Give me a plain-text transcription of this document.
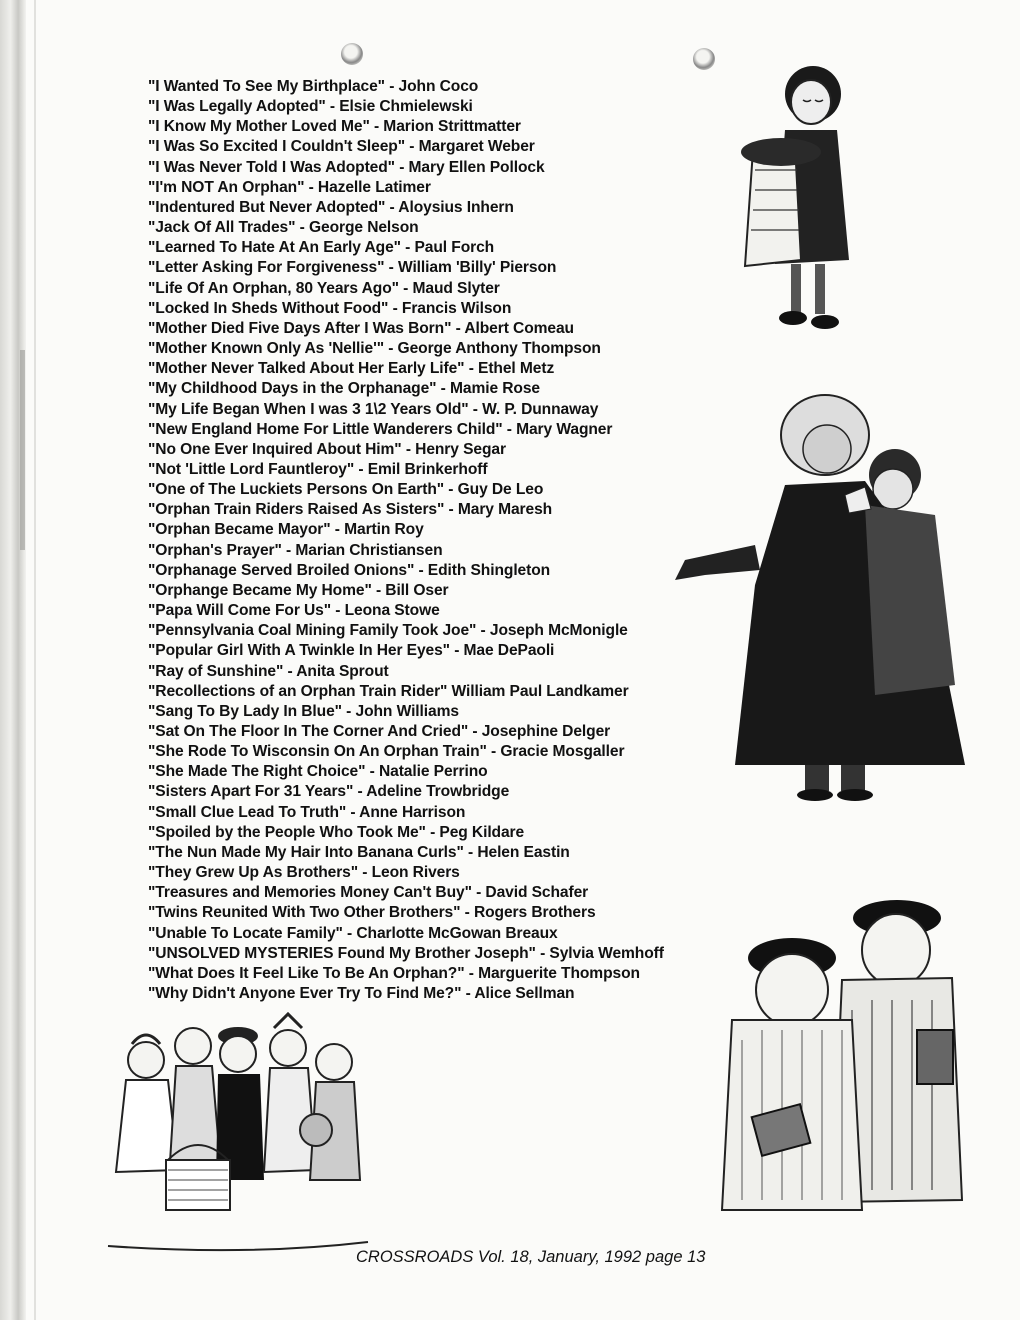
"I Wanted To See My Birthplace" - John Coco
"I Was Legally Adopted" - Elsie Chmielewski
"I Know My Mother Loved Me" - Marion Strittmatter
"I Was So Excited I Couldn't Sleep" - Margaret Weber
"I Was Never Told I Was Adopted" - Mary Ellen Pollock
"I'm NOT An Orphan" - Hazelle Latimer
"Indentured But Never Adopted" - Aloysius Inhern
"Jack Of All Trades" - George Nelson
"Learned To Hate At An Early Age" - Paul Forch
"Letter Asking For Forgiveness" - William 'Billy' Pierson
"Life Of An Orphan, 80 Years Ago" - Maud Slyter
"Locked In Sheds Without Food" - Francis Wilson
"Mother Died Five Days After I Was Born" - Albert Comeau
"Mother Known Only As 'Nellie'" - George Anthony Thompson
"Mother Never Talked About Her Early Life" - Ethel Metz
"My Childhood Days in the Orphanage" - Mamie Rose
"My Life Began When I was 3 1\2 Years Old" - W. P. Dunnaway
"New England Home For Little Wanderers Child" - Mary Wagner
"No One Ever Inquired About Him" - Henry Segar
"Not 'Little Lord Fauntleroy" - Emil Brinkerhoff
"One of The Luckiets Persons On Earth" - Guy De Leo
"Orphan Train Riders Raised As Sisters" - Mary Maresh
"Orphan Became Mayor" - Martin Roy
"Orphan's Prayer" - Marian Christiansen
"Orphanage Served Broiled Onions" - Edith Shingleton
"Orphange Became My Home" - Bill Oser
"Papa Will Come For Us" - Leona Stowe
"Pennsylvania Coal Mining Family Took Joe" - Joseph McMonigle
"Popular Girl With A Twinkle In Her Eyes" - Mae DePaoli
"Ray of Sunshine" - Anita Sprout
"Recollections of an Orphan Train Rider" William Paul Landkamer
"Sang To By Lady In Blue" - John Williams
"Sat On The Floor In The Corner And Cried" - Josephine Delger
"She Rode To Wisconsin On An Orphan Train" - Gracie Mosgaller
"She Made The Right Choice" - Natalie Perrino
"Sisters Apart For 31 Years" - Adeline Trowbridge
"Small Clue Lead To Truth" - Anne Harrison
"Spoiled by the People Who Took Me" - Peg Kildare
"The Nun Made My Hair Into Banana Curls" - Helen Eastin
"They Grew Up As Brothers" - Leon Rivers
"Treasures and Memories Money Can't Buy" - David Schafer
"Twins Reunited With Two Other Brothers" - Rogers Brothers
"Unable To Locate Family" - Charlotte McGowan Breaux
"UNSOLVED MYSTERIES Found My Brother Joseph" - Sylvia Wemhoff
"What Does It Feel Like To Be An Orphan?" - Marguerite Thompson
"Why Didn't Anyone Ever Try To Find Me?" - Alice Sellman
CROSSROADS Vol. 18, January, 1992 page 13
